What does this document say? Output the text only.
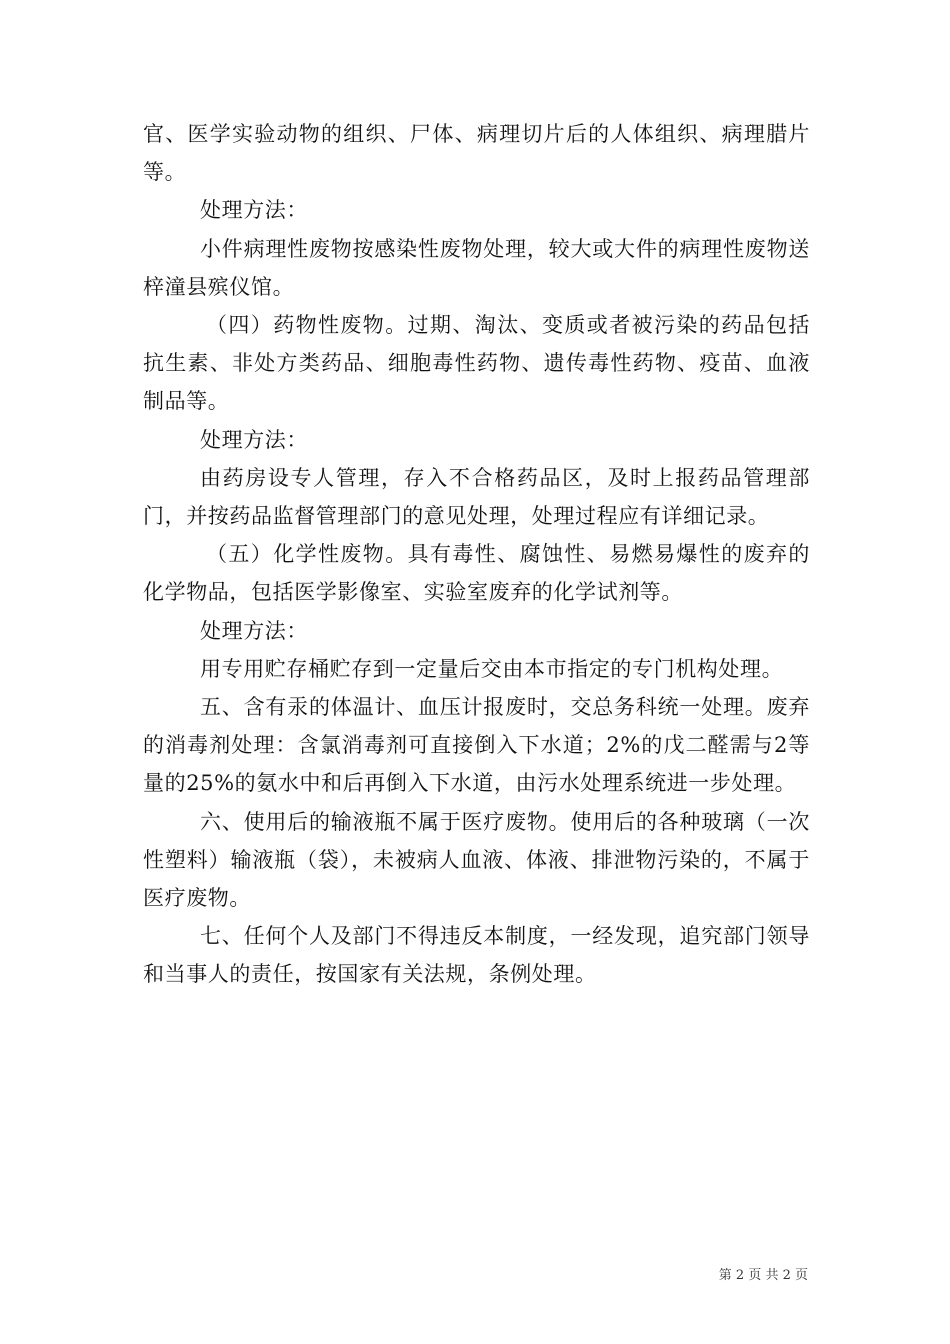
官、医学实验动物的组织、尸体、病理切片后的人体组织、病理腊片等。

处理方法：

小件病理性废物按感染性废物处理，较大或大件的病理性废物送梓潼县殡仪馆。

（四）药物性废物。过期、淘汰、变质或者被污染的药品包括抗生素、非处方类药品、细胞毒性药物、遗传毒性药物、疫苗、血液制品等。

处理方法：

由药房设专人管理，存入不合格药品区，及时上报药品管理部门，并按药品监督管理部门的意见处理，处理过程应有详细记录。

（五）化学性废物。具有毒性、腐蚀性、易燃易爆性的废弃的化学物品，包括医学影像室、实验室废弃的化学试剂等。

处理方法：

用专用贮存桶贮存到一定量后交由本市指定的专门机构处理。

五、含有汞的体温计、血压计报废时，交总务科统一处理。废弃的消毒剂处理：含氯消毒剂可直接倒入下水道；2%的戊二醛需与2等量的25%的氨水中和后再倒入下水道，由污水处理系统进一步处理。

六、使用后的输液瓶不属于医疗废物。使用后的各种玻璃（一次性塑料）输液瓶（袋），未被病人血液、体液、排泄物污染的，不属于医疗废物。

七、任何个人及部门不得违反本制度，一经发现，追究部门领导和当事人的责任，按国家有关法规，条例处理。

第 2 页 共 2 页
